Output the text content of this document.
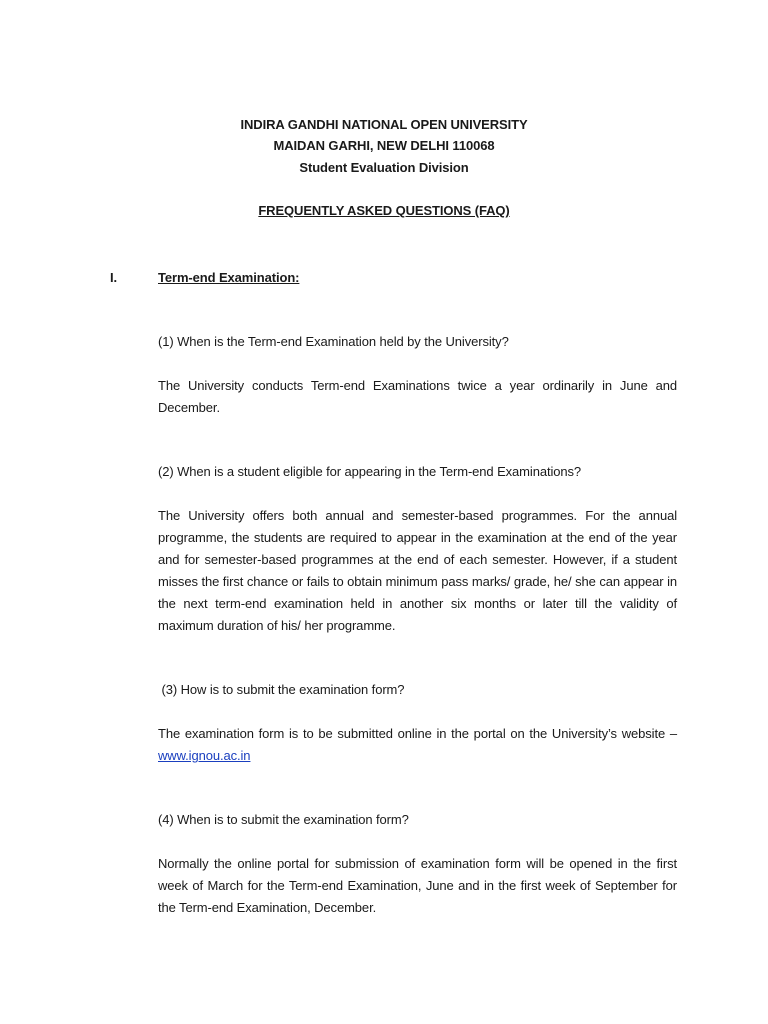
INDIRA GANDHI NATIONAL OPEN UNIVERSITY
MAIDAN GARHI, NEW DELHI 110068
Student Evaluation Division
FREQUENTLY ASKED QUESTIONS (FAQ)
I.	Term-end Examination:
(1) When is the Term-end Examination held by the University?
The University conducts Term-end Examinations twice a year ordinarily in June and December.
(2) When is a student eligible for appearing in the Term-end Examinations?
The University offers both annual and semester-based programmes. For the annual programme, the students are required to appear in the examination at the end of the year and for semester-based programmes at the end of each semester. However, if a student misses the first chance or fails to obtain minimum pass marks/ grade, he/ she can appear in the next term-end examination held in another six months or later till the validity of maximum duration of his/ her programme.
(3) How is to submit the examination form?
The examination form is to be submitted online in the portal on the University’s website – www.ignou.ac.in
(4) When is to submit the examination form?
Normally the online portal for submission of examination form will be opened in the first week of March for the Term-end Examination, June and in the first week of September for the Term-end Examination, December.
